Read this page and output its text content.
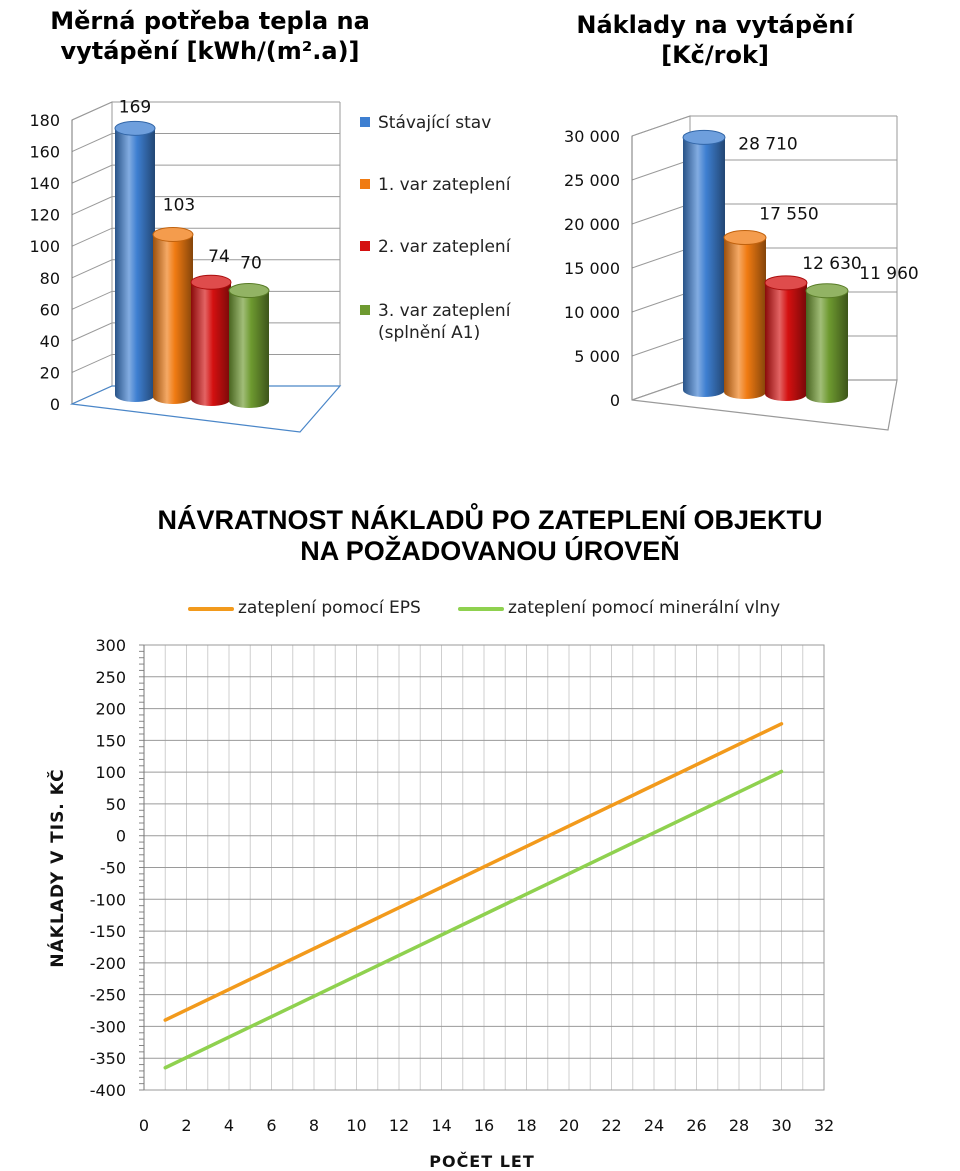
Měrná potřeba tepla na
vytápění [kWh/(m².a)]
Náklady na vytápění
[Kč/rok]
NÁVRATNOST NÁKLADŮ PO ZATEPLENÍ OBJEKTU
NA POŽADOVANOU ÚROVEŇ
0
20
40
60
80
100
120
140
160
180
169
103
74 70
0
5 000
10 000
15 000
20 000
25 000
30 000	28 710
17 550
12 630
11 960
-400
-350
-300
-250
-200
-150
-100
-50
0
50
100
150
200
250
300
0 2 4 6 8 10 12 14 16 18 20 22 24 26 28 30 32
POČET LET
NÁKLADY V TIS. KČ
Stávající stav
1. var zateplení
2. var zateplení
3. var zateplení
(splnění A1)
zateplení pomocí EPS	zateplení pomocí minerální vlny
